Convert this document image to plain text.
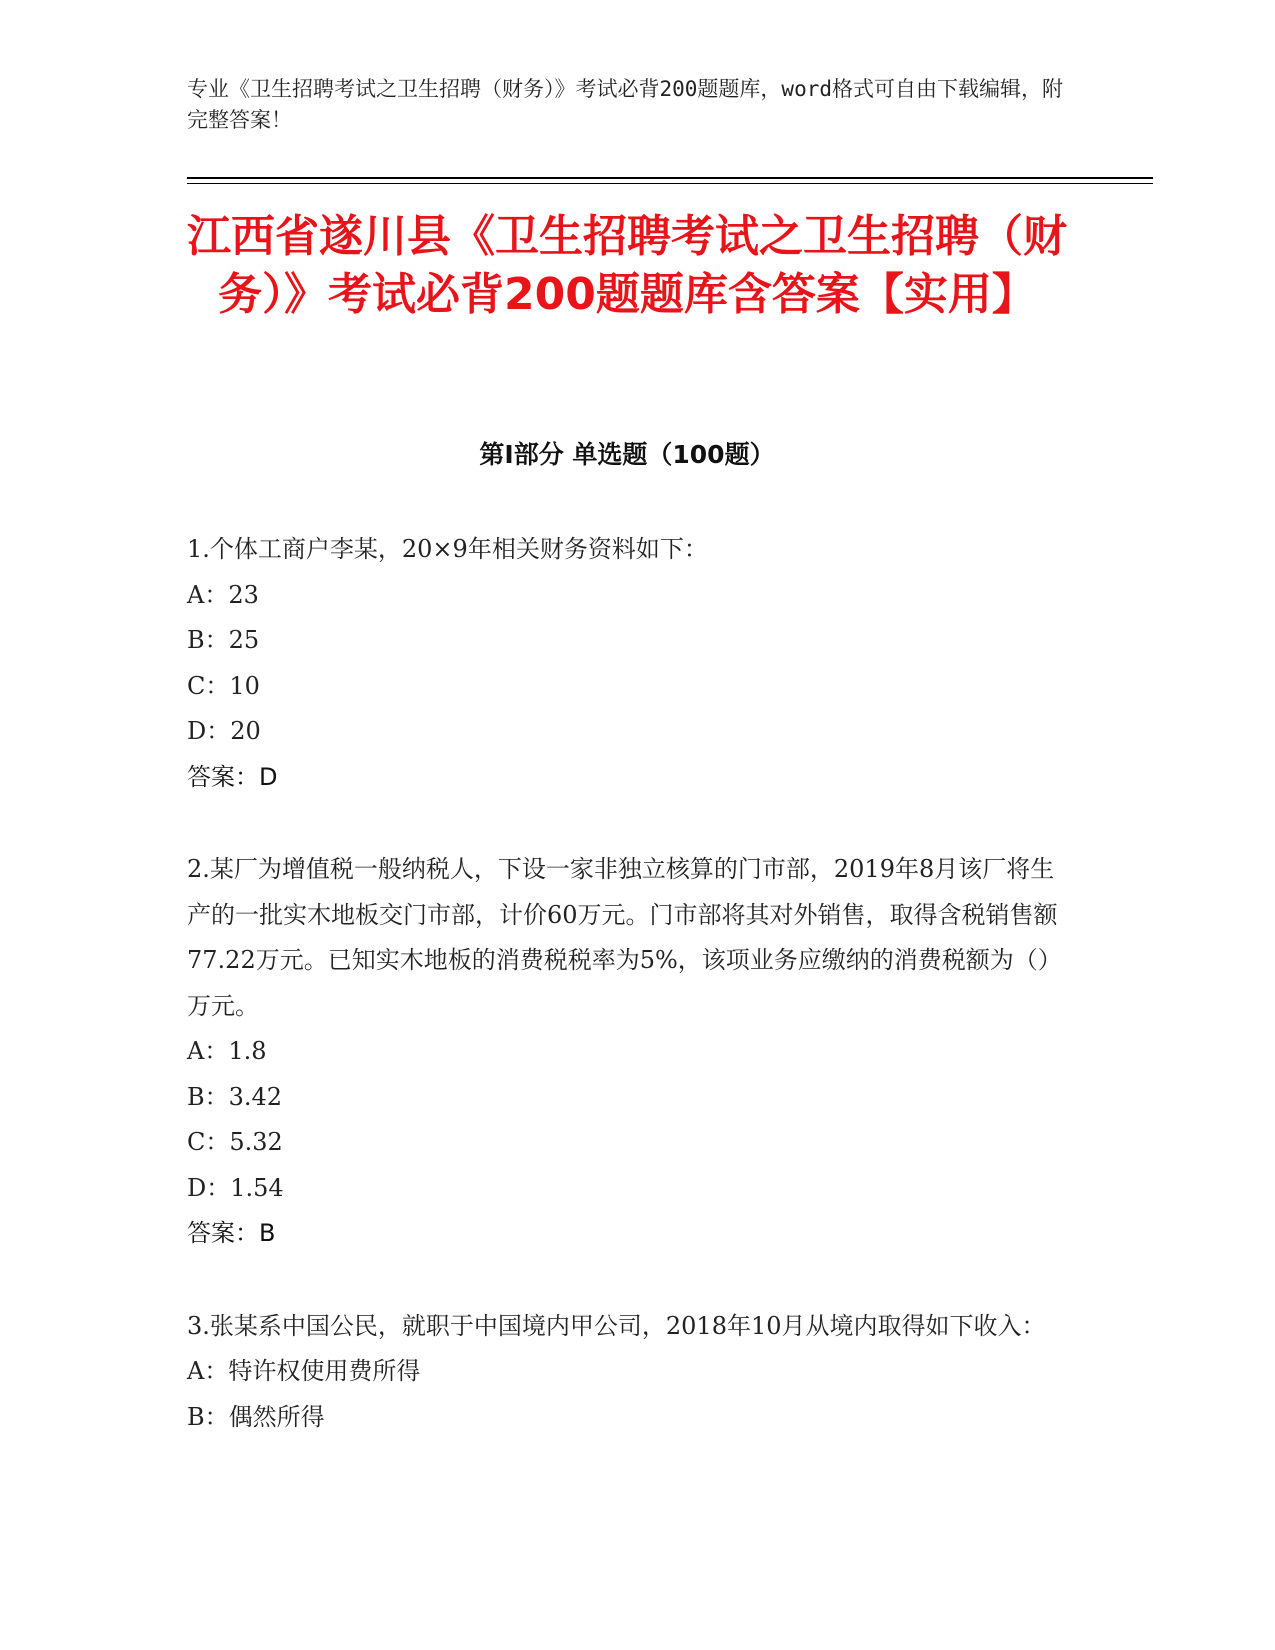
专业《卫生招聘考试之卫生招聘（财务）》考试必背200题题库，word格式可自由下载编辑，附完整答案！
江西省遂川县《卫生招聘考试之卫生招聘（财务）》考试必背200题题库含答案【实用】
第I部分 单选题（100题）

1.个体工商户李某，20×9年相关财务资料如下：

A：23

B：25

C：10

D：20

答案：D

2.某厂为增值税一般纳税人，下设一家非独立核算的门市部，2019年8月该厂将生产的一批实木地板交门市部，计价60万元。门市部将其对外销售，取得含税销售额77.22万元。已知实木地板的消费税税率为5%，该项业务应缴纳的消费税额为（）万元。

A：1.8

B：3.42

C：5.32

D：1.54

答案：B

3.张某系中国公民，就职于中国境内甲公司，2018年10月从境内取得如下收入：

A：特许权使用费所得

B：偶然所得
